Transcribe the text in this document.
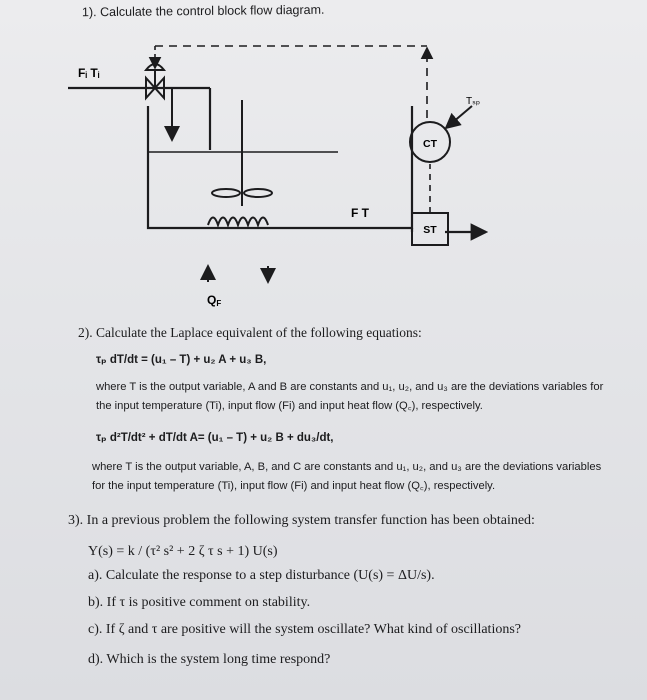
1). Calculate the control block flow diagram.
Fᵢ Tᵢ
Tₛₚ
CT
ST
F T
QF
2). Calculate the Laplace equivalent of the following equations:
τₚ dT/dt = (u₁ – T) + u₂ A + u₃ B,
where T is the output variable, A and B are constants and u₁, u₂, and u₃ are the deviations variables for the input temperature (Ti), input flow (Fi) and input heat flow (Q꜀), respectively.
τₚ d²T/dt² + dT/dt A= (u₁ – T) + u₂ B + du₃/dt,
where T is the output variable, A, B, and C are constants and u₁, u₂, and u₃ are the deviations variables for the input temperature (Ti), input flow (Fi) and input heat flow (Q꜀), respectively.
3). In a previous problem the following system transfer function has been obtained:
Y(s) = k / (τ² s² + 2 ζ τ s + 1) U(s)
a). Calculate the response to a step disturbance (U(s) = ΔU/s).
b). If τ is positive comment on stability.
c). If ζ and τ are positive will the system oscillate? What kind of oscillations?
d). Which is the system long time respond?
